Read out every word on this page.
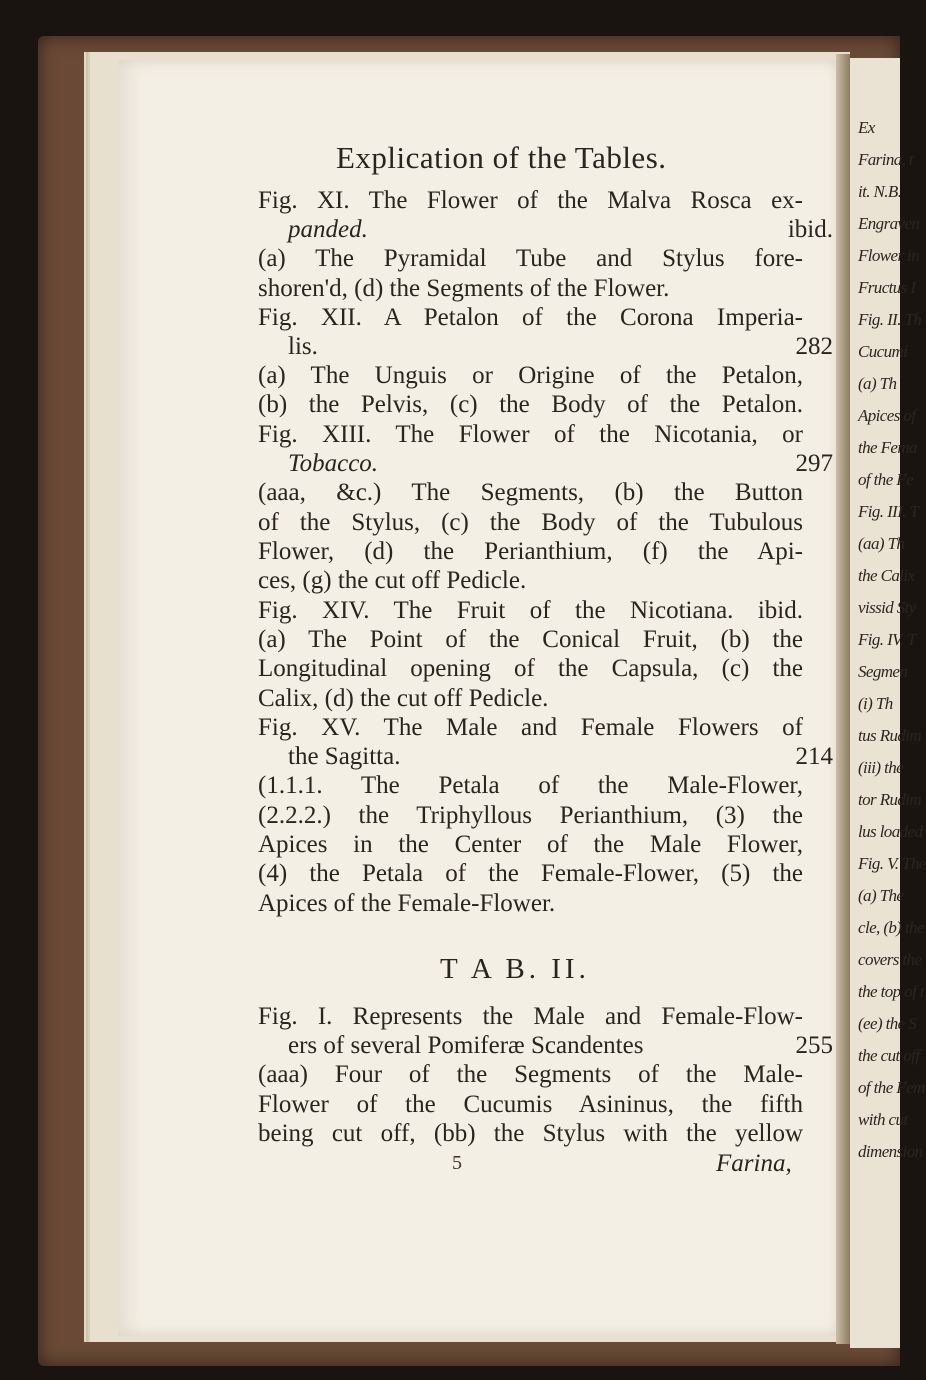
Ex
Farina, t
it. N.B.
Engraven
Flower in
Fructus I
Fig. II. Th
Cucumi
(a) Th
Apices of
the Fema
of the Fe
Fig. III. T
(aa) Th
the Calix
vissid Sty
Fig. IV. T
Segmen
(i) Th
tus Rudim
(iii) the
tor Rudim
lus loaded
Fig. V. The
(a) The
cle, (b) the
covers the
the top of t
(ee) the S
the cut off
of the Fem
with cut
dimension
Explication of the Tables.
Fig. XI. The Flower of the Malva Rosca ex-
panded.	ibid.
(a) The Pyramidal Tube and Stylus fore-
shoren'd, (d) the Segments of the Flower.
Fig. XII. A Petalon of the Corona Imperia-
lis.	282
(a) The Unguis or Origine of the Petalon,
(b) the Pelvis, (c) the Body of the Petalon.
Fig. XIII. The Flower of the Nicotania, or
Tobacco.	297
(aaa, &c.) The Segments, (b) the Button
of the Stylus, (c) the Body of the Tubulous
Flower, (d) the Perianthium, (f) the Api-
ces, (g) the cut off Pedicle.
Fig. XIV. The Fruit of the Nicotiana. ibid.
(a) The Point of the Conical Fruit, (b) the
Longitudinal opening of the Capsula, (c) the
Calix, (d) the cut off Pedicle.
Fig. XV. The Male and Female Flowers of
the Sagitta.	214
(1.1.1. The Petala of the Male-Flower,
(2.2.2.) the Triphyllous Perianthium, (3) the
Apices in the Center of the Male Flower,
(4) the Petala of the Female-Flower, (5) the
Apices of the Female-Flower.
Fig. I. Represents the Male and Female-Flow-
ers of several Pomiferæ Scandentes	255
(aaa) Four of the Segments of the Male-
Flower of the Cucumis Asininus, the fifth
being cut off, (bb) the Stylus with the yellow
T A B. II.
5	Farina,
